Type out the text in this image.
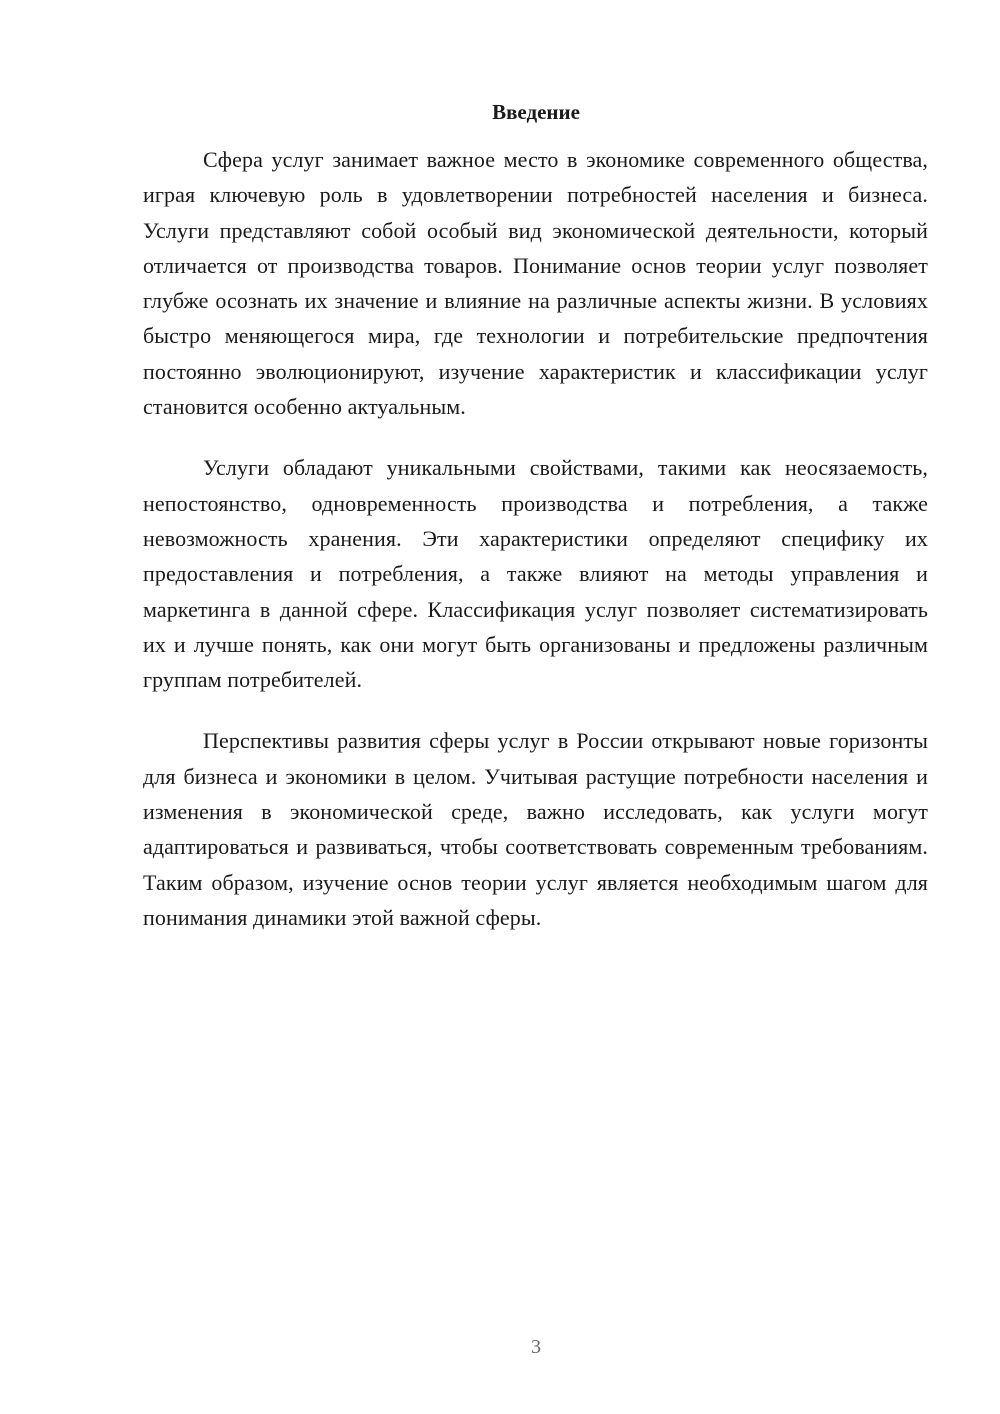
Введение

Сфера услуг занимает важное место в экономике современного общества, играя ключевую роль в удовлетворении потребностей населения и бизнеса. Услуги представляют собой особый вид экономической деятельности, который отличается от производства товаров. Понимание основ теории услуг позволяет глубже осознать их значение и влияние на различные аспекты жизни. В условиях быстро меняющегося мира, где технологии и потребительские предпочтения постоянно эволюционируют, изучение характеристик и классификации услуг становится особенно актуальным.

Услуги обладают уникальными свойствами, такими как неосязаемость, непостоянство, одновременность производства и потребления, а также невозможность хранения. Эти характеристики определяют специфику их предоставления и потребления, а также влияют на методы управления и маркетинга в данной сфере. Классификация услуг позволяет систематизировать их и лучше понять, как они могут быть организованы и предложены различным группам потребителей.

Перспективы развития сферы услуг в России открывают новые горизонты для бизнеса и экономики в целом. Учитывая растущие потребности населения и изменения в экономической среде, важно исследовать, как услуги могут адаптироваться и развиваться, чтобы соответствовать современным требованиям. Таким образом, изучение основ теории услуг является необходимым шагом для понимания динамики этой важной сферы.

3
